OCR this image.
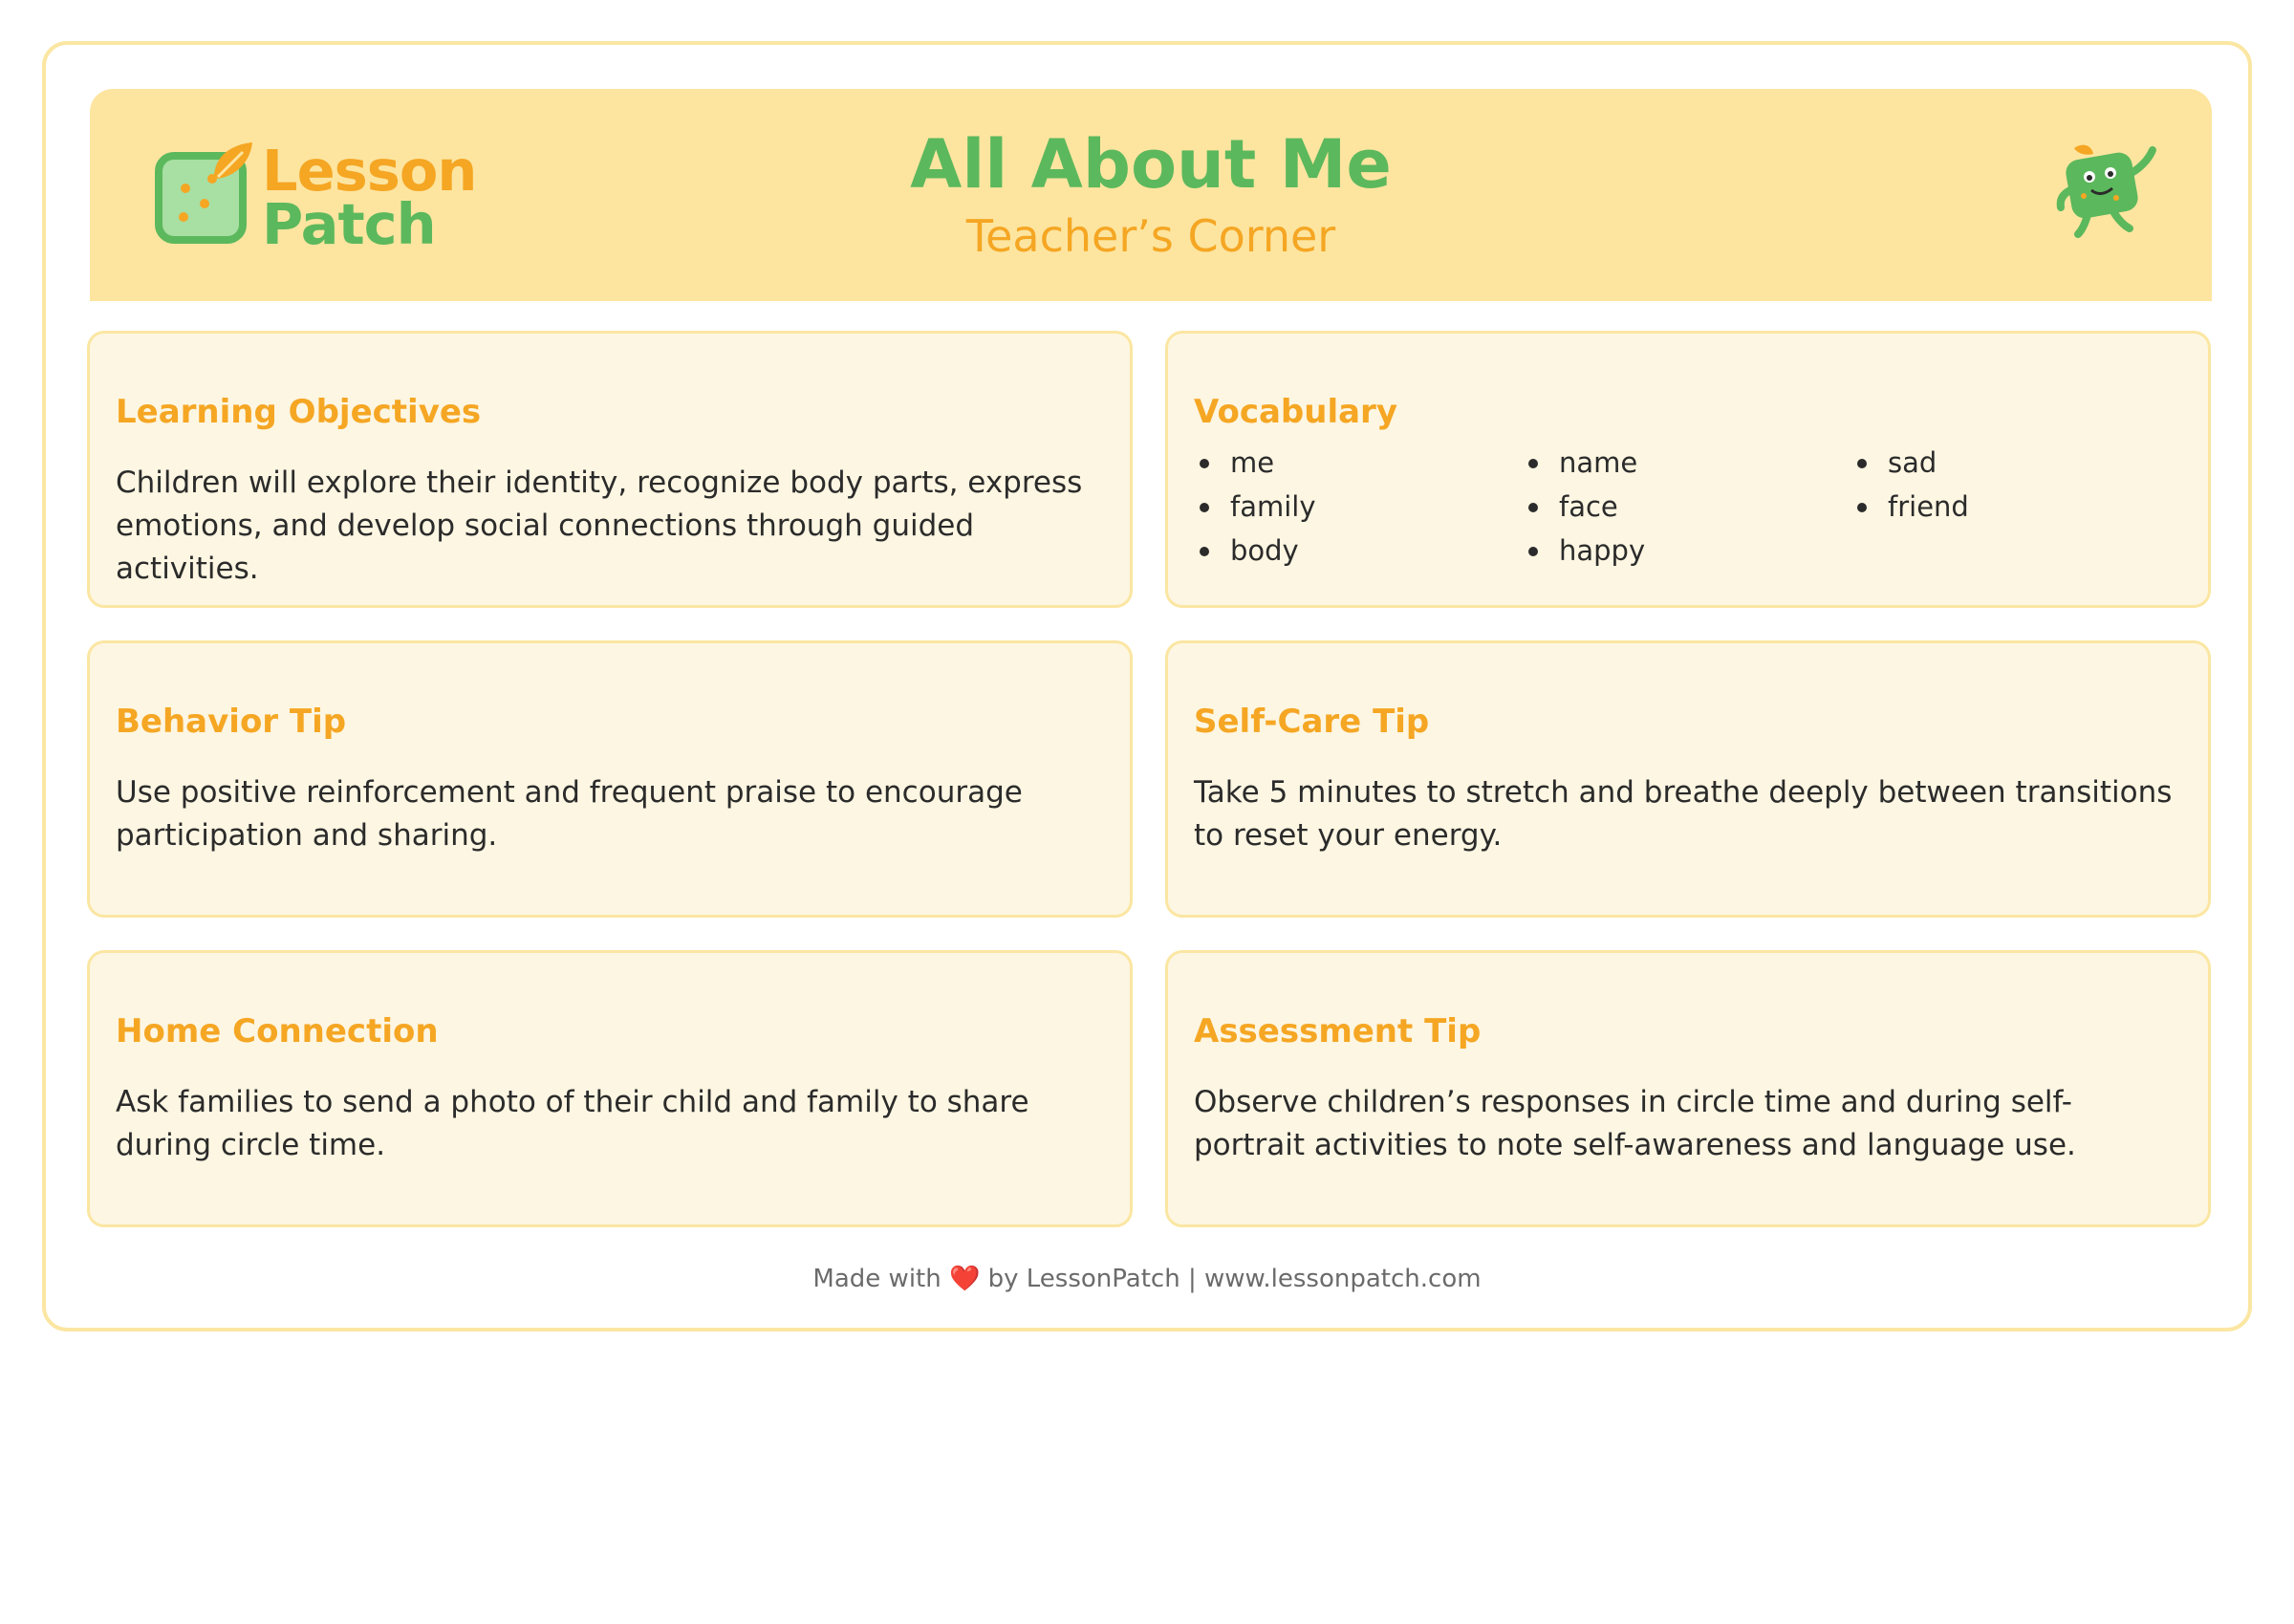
All About Me
Teacher’s Corner
Lesson
Patch
Learning Objectives

Children will explore their identity, recognize body parts, express emotions, and develop social connections through guided activities.

Vocabulary
me
family
body
name
face
happy
sad
friend
Behavior Tip

Use positive reinforcement and frequent praise to encourage participation and sharing.

Self-Care Tip

Take 5 minutes to stretch and breathe deeply between transitions to reset your energy.

Home Connection

Ask families to send a photo of their child and family to share during circle time.

Assessment Tip

Observe children’s responses in circle time and during self-portrait activities to note self-awareness and language use.

Made with ❤️ by LessonPatch | www.lessonpatch.com
